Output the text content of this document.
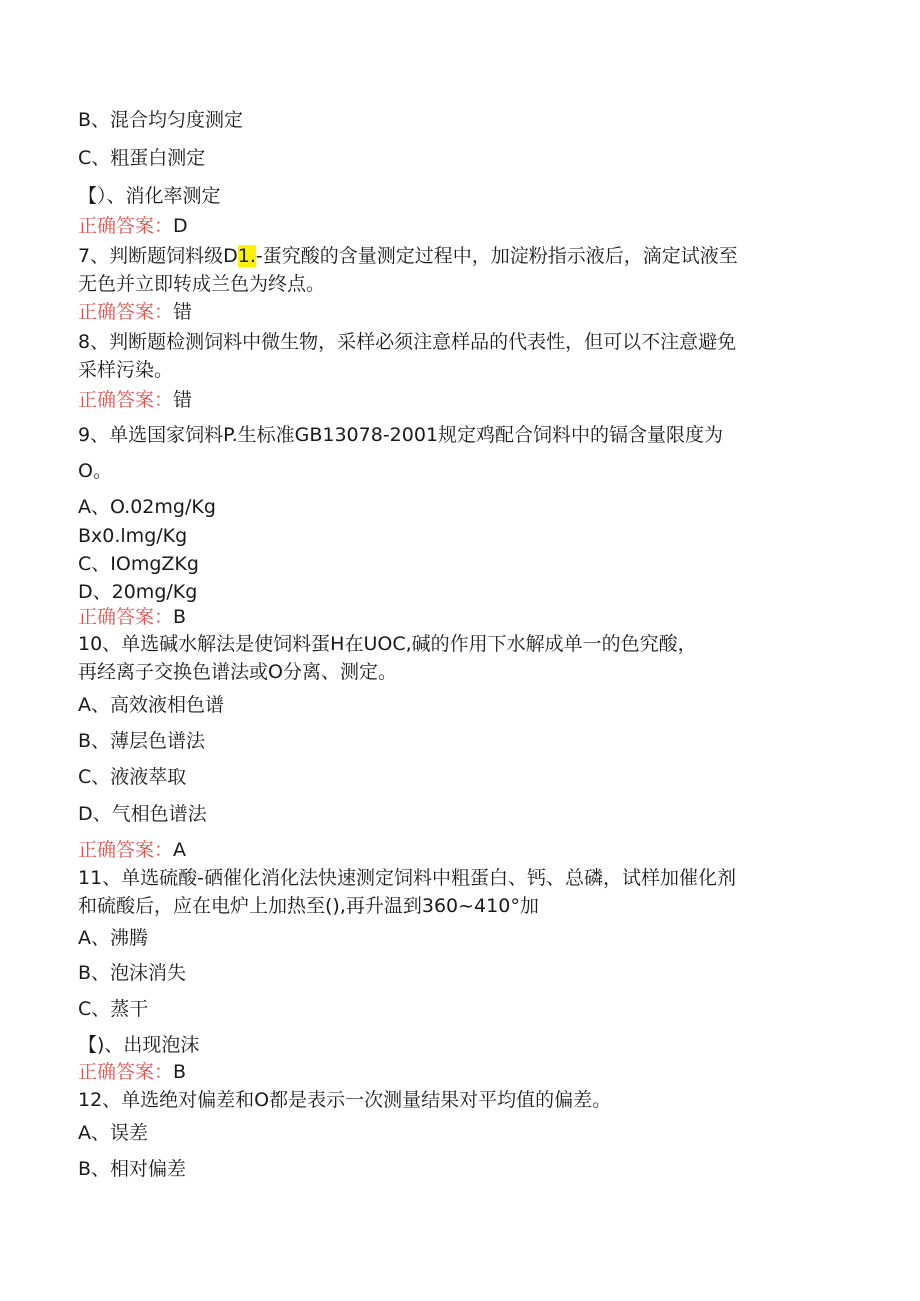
B、混合均匀度测定
C、粗蛋白测定
【）、消化率测定
正确答案：D
7、判断题饲料级D1.-蛋究酸的含量测定过程中，加淀粉指示液后，滴定试液至
无色并立即转成兰色为终点。
正确答案：错
8、判断题检测饲料中微生物，采样必须注意样品的代表性，但可以不注意避免
采样污染。
正确答案：错
9、单选国家饲料P.生标准GB13078-2001规定鸡配合饲料中的镉含量限度为
O。
A、O.02mg∕Kg
Bx0.lmg∕Kg
C、IOmgZKg
D、20mg∕Kg
正确答案：B
10、单选碱水解法是使饲料蛋H在UOC,碱的作用下水解成单一的色究酸，
再经离子交换色谱法或O分离、测定。
A、高效液相色谱
B、薄层色谱法
C、液液萃取
D、气相色谱法
正确答案：A
11、单选硫酸-硒催化消化法快速测定饲料中粗蛋白、钙、总磷，试样加催化剂
和硫酸后，应在电炉上加热至(),再升温到360~410°加
A、沸腾
B、泡沫消失
C、蒸干
【)、出现泡沫
正确答案：B
12、单选绝对偏差和O都是表示一次测量结果对平均值的偏差。
A、误差
B、相对偏差
